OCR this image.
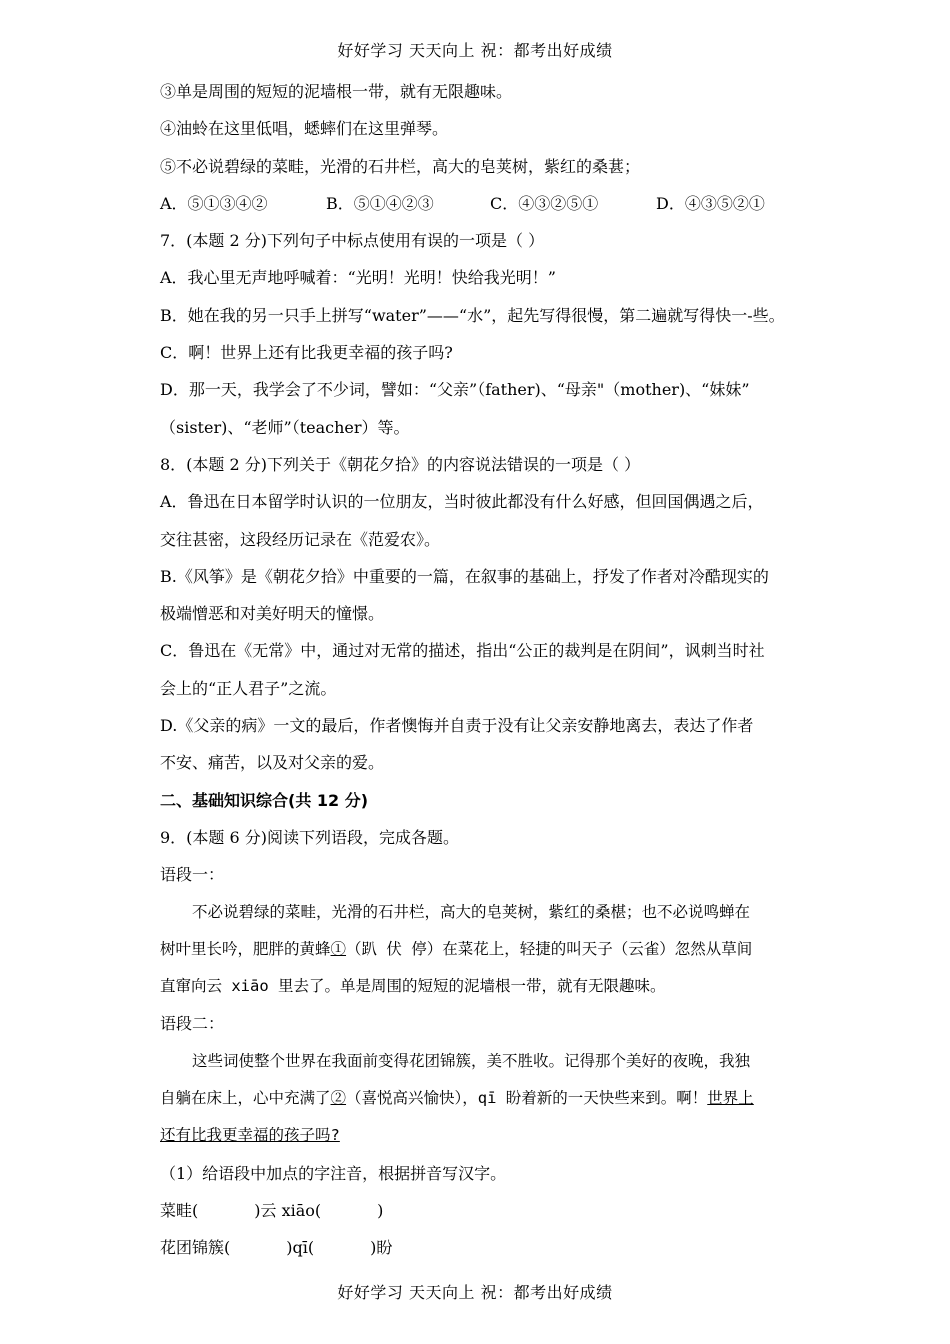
好好学习 天天向上 祝：都考出好成绩
③单是周围的短短的泥墙根一带，就有无限趣味。
④油蛉在这里低唱，蟋蟀们在这里弹琴。
⑤不必说碧绿的菜畦，光滑的石井栏，高大的皂荚树，紫红的桑葚；
A．⑤①③④②	B．⑤①④②③	C．④③②⑤①	D．④③⑤②①
7．(本题 2 分)下列句子中标点使用有误的一项是（ ）
A．我心里无声地呼喊着：“光明！光明！快给我光明！”
B．她在我的另一只手上拼写“water”——“水”，起先写得很慢，第二遍就写得快一-些。
C．啊！世界上还有比我更幸福的孩子吗?
D．那一天，我学会了不少词，譬如：“父亲”（father)、“母亲"（mother)、“妹妹”
（sister)、“老师”（teacher）等。
8．(本题 2 分)下列关于《朝花夕拾》的内容说法错误的一项是（ ）
A．鲁迅在日本留学时认识的一位朋友，当时彼此都没有什么好感，但回国偶遇之后，
交往甚密，这段经历记录在《范爱农》。
B.《风筝》是《朝花夕拾》中重要的一篇，在叙事的基础上，抒发了作者对冷酷现实的
极端憎恶和对美好明天的憧憬。
C．鲁迅在《无常》中，通过对无常的描述，指出“公正的裁判是在阴间”，讽刺当时社
会上的“正人君子”之流。
D.《父亲的病》一文的最后，作者懊悔并自责于没有让父亲安静地离去，表达了作者
不安、痛苦，以及对父亲的爱。
二、基础知识综合(共 12 分)
9．(本题 6 分)阅读下列语段，完成各题。
语段一：
不必说碧绿的菜畦，光滑的石井栏，高大的皂荚树，紫红的桑椹；也不必说鸣蝉在
树叶里长吟，肥胖的黄蜂①（趴 伏 停）在菜花上，轻捷的叫天子（云雀）忽然从草间
直窜向云 xiāo 里去了。单是周围的短短的泥墙根一带，就有无限趣味。
语段二：
这些词使整个世界在我面前变得花团锦簇，美不胜收。记得那个美好的夜晚，我独
自躺在床上，心中充满了②（喜悦高兴愉快），qī 盼着新的一天快些来到。啊！世界上
还有比我更幸福的孩子吗?
（1）给语段中加点的字注音，根据拼音写汉字。
菜畦(	)云 xiāo(	)
花团锦簇(	)qī(	)盼
好好学习 天天向上 祝：都考出好成绩
